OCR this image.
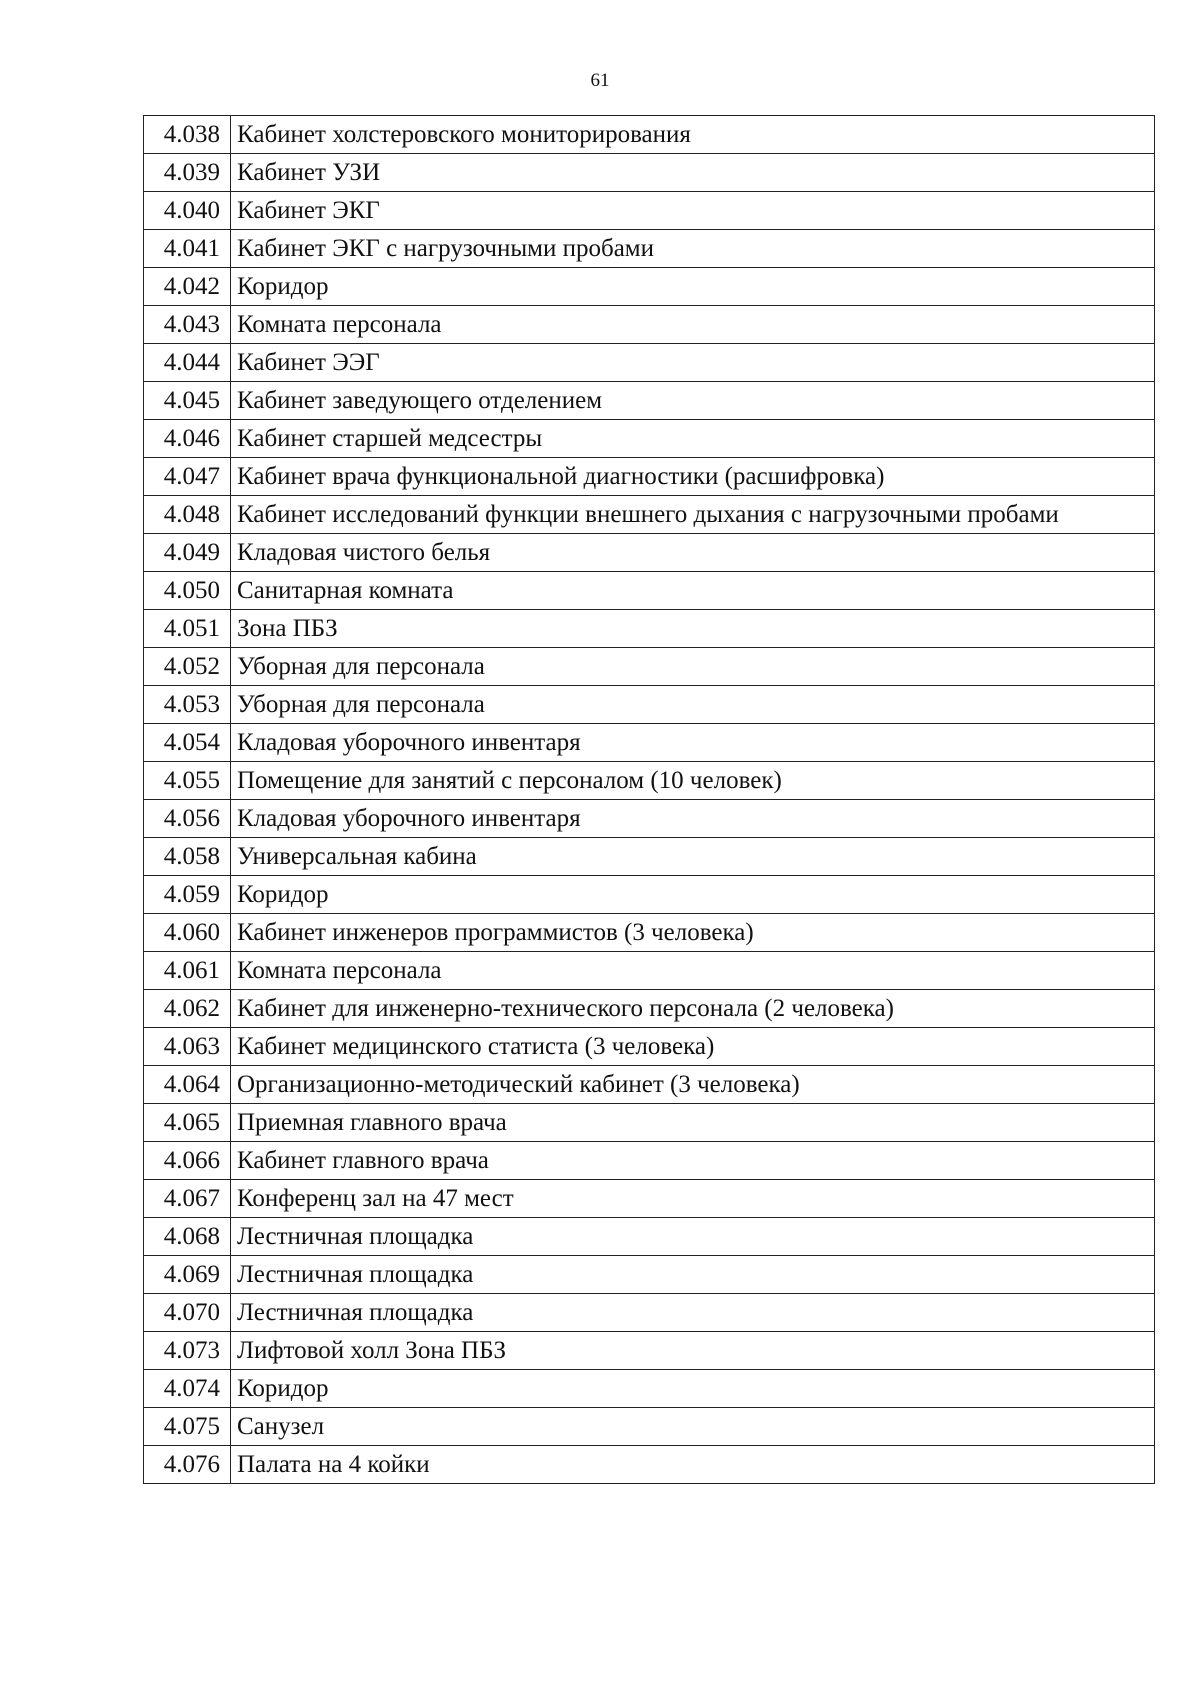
61
4.038	Кабинет холстеровского мониторирования
4.039	Кабинет УЗИ
4.040	Кабинет ЭКГ
4.041	Кабинет ЭКГ с нагрузочными пробами
4.042	Коридор
4.043	Комната персонала
4.044	Кабинет ЭЭГ
4.045	Кабинет заведующего отделением
4.046	Кабинет старшей медсестры
4.047	Кабинет врача функциональной диагностики (расшифровка)
4.048	Кабинет исследований функции внешнего дыхания с нагрузочными пробами
4.049	Кладовая чистого белья
4.050	Санитарная комната
4.051	Зона ПБЗ
4.052	Уборная для персонала
4.053	Уборная для персонала
4.054	Кладовая уборочного инвентаря
4.055	Помещение для занятий с персоналом (10 человек)
4.056	Кладовая уборочного инвентаря
4.058	Универсальная кабина
4.059	Коридор
4.060	Кабинет инженеров программистов (3 человека)
4.061	Комната персонала
4.062	Кабинет для инженерно-технического персонала (2 человека)
4.063	Кабинет медицинского статиста (3 человека)
4.064	Организационно-методический кабинет (3 человека)
4.065	Приемная главного врача
4.066	Кабинет главного врача
4.067	Конференц зал на 47 мест
4.068	Лестничная площадка
4.069	Лестничная площадка
4.070	Лестничная площадка
4.073	Лифтовой холл Зона ПБЗ
4.074	Коридор
4.075	Санузел
4.076	Палата на 4 койки
